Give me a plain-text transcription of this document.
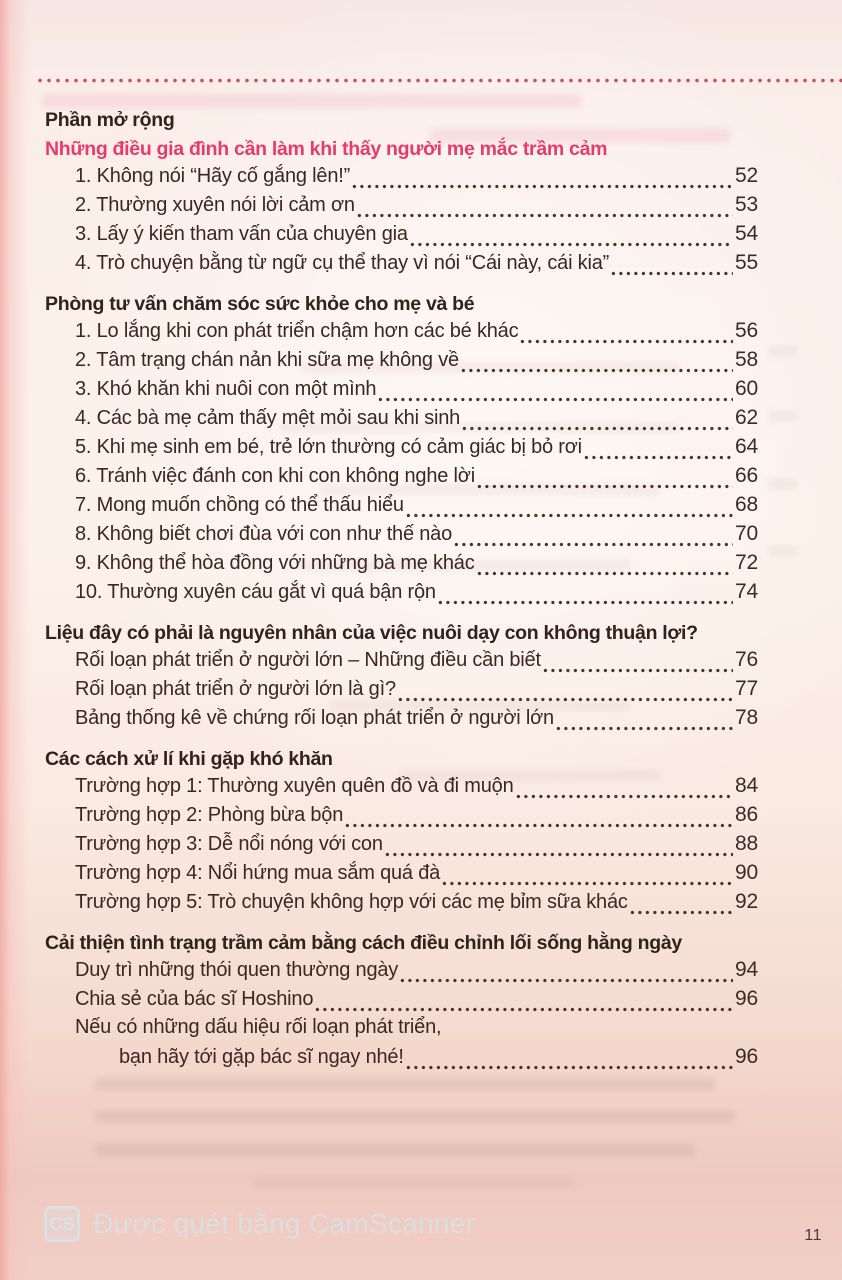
Phần mở rộng
Những điều gia đình cần làm khi thấy người mẹ mắc trầm cảm
1. Không nói “Hãy cố gắng lên!”	52
2. Thường xuyên nói lời cảm ơn	53
3. Lấy ý kiến tham vấn của chuyên gia	54
4. Trò chuyện bằng từ ngữ cụ thể thay vì nói “Cái này, cái kia”	55
Phòng tư vấn chăm sóc sức khỏe cho mẹ và bé
1. Lo lắng khi con phát triển chậm hơn các bé khác	56
2. Tâm trạng chán nản khi sữa mẹ không về	58
3. Khó khăn khi nuôi con một mình	60
4. Các bà mẹ cảm thấy mệt mỏi sau khi sinh	62
5. Khi mẹ sinh em bé, trẻ lớn thường có cảm giác bị bỏ rơi	64
6. Tránh việc đánh con khi con không nghe lời	66
7. Mong muốn chồng có thể thấu hiểu	68
8. Không biết chơi đùa với con như thế nào	70
9. Không thể hòa đồng với những bà mẹ khác	72
10. Thường xuyên cáu gắt vì quá bận rộn	74
Liệu đây có phải là nguyên nhân của việc nuôi dạy con không thuận lợi?
Rối loạn phát triển ở người lớn – Những điều cần biết	76
Rối loạn phát triển ở người lớn là gì?	77
Bảng thống kê về chứng rối loạn phát triển ở người lớn	78
Các cách xử lí khi gặp khó khăn
Trường hợp 1: Thường xuyên quên đồ và đi muộn	84
Trường hợp 2: Phòng bừa bộn	86
Trường hợp 3: Dễ nổi nóng với con	88
Trường hợp 4: Nổi hứng mua sắm quá đà	90
Trường hợp 5: Trò chuyện không hợp với các mẹ bỉm sữa khác	92
Cải thiện tình trạng trầm cảm bằng cách điều chỉnh lối sống hằng ngày
Duy trì những thói quen thường ngày	94
Chia sẻ của bác sĩ Hoshino	96
Nếu có những dấu hiệu rối loạn phát triển,
bạn hãy tới gặp bác sĩ ngay nhé!	96
CS Được quét bằng CamScanner	11
